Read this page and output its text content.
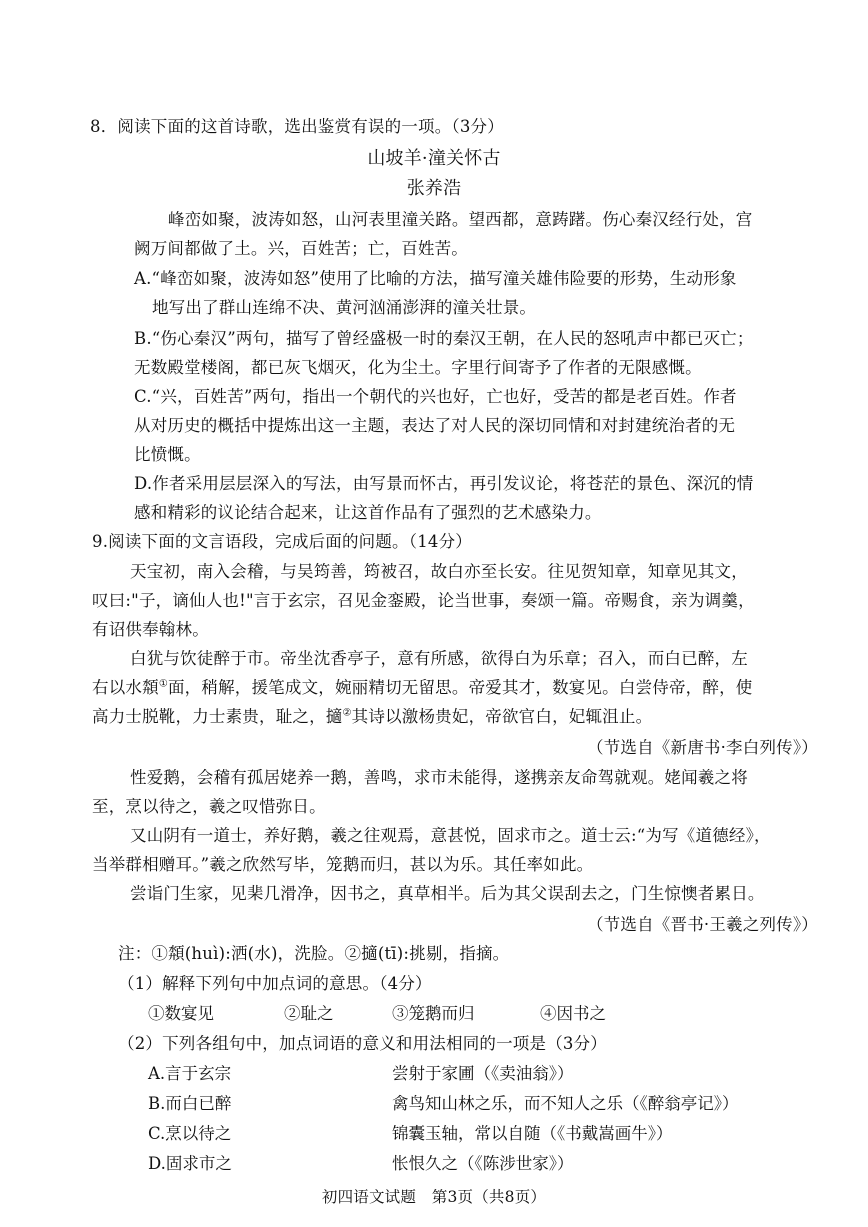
8．阅读下面的这首诗歌，选出鉴赏有误的一项。（3分）
山坡羊·潼关怀古
张养浩
峰峦如聚，波涛如怒，山河表里潼关路。望西都，意踌躇。伤心秦汉经行处，宫
阙万间都做了土。兴，百姓苦；亡，百姓苦。
A.“峰峦如聚，波涛如怒”使用了比喻的方法，描写潼关雄伟险要的形势，生动形象
地写出了群山连绵不决、黄河汹涌澎湃的潼关壮景。
B.“伤心秦汉”两句，描写了曾经盛极一时的秦汉王朝，在人民的怒吼声中都已灭亡；
无数殿堂楼阁，都已灰飞烟灭，化为尘土。字里行间寄予了作者的无限感慨。
C.“兴，百姓苦”两句，指出一个朝代的兴也好，亡也好，受苦的都是老百姓。作者
从对历史的概括中提炼出这一主题，表达了对人民的深切同情和对封建统治者的无
比愤慨。
D.作者采用层层深入的写法，由写景而怀古，再引发议论，将苍茫的景色、深沉的情
感和精彩的议论结合起来，让这首作品有了强烈的艺术感染力。
9.阅读下面的文言语段，完成后面的问题。（14分）
天宝初，南入会稽，与吴筠善，筠被召，故白亦至长安。往见贺知章，知章见其文，
叹曰:"子，谪仙人也!"言于玄宗，召见金銮殿，论当世事，奏颂一篇。帝赐食，亲为调羹，
有诏供奉翰林。
白犹与饮徒醉于市。帝坐沈香亭子，意有所感，欲得白为乐章；召入，而白已醉，左
右以水頮①面，稍解，援笔成文，婉丽精切无留思。帝爱其才，数宴见。白尝侍帝，醉，使
高力士脱靴，力士素贵，耻之，擿②其诗以激杨贵妃，帝欲官白，妃辄沮止。
（节选自《新唐书·李白列传》）
性爱鹅，会稽有孤居姥养一鹅，善鸣，求市未能得，遂携亲友命驾就观。姥闻羲之将
至，烹以待之，羲之叹惜弥日。
又山阴有一道士，养好鹅，羲之往观焉，意甚悦，固求市之。道士云:“为写《道德经》，
当举群相赠耳。”羲之欣然写毕，笼鹅而归，甚以为乐。其任率如此。
尝诣门生家，见棐几滑净，因书之，真草相半。后为其父误刮去之，门生惊懊者累日。
（节选自《晋书·王羲之列传》）
注：①頮(huì):洒(水)，洗脸。②擿(tī):挑剔，指摘。
（1）解释下列句中加点词的意思。（4分）
①数宴见	②耻之	③笼鹅而归	④因书之
（2）下列各组句中，加点词语的意义和用法相同的一项是（3分）
A.言于玄宗	尝射于家圃（《卖油翁》）
B.而白已醉	禽鸟知山林之乐，而不知人之乐（《醉翁亭记》）
C.烹以待之	锦囊玉轴，常以自随（《书戴嵩画牛》）
D.固求市之	怅恨久之（《陈涉世家》）
初四语文试题　第3页（共8页）
